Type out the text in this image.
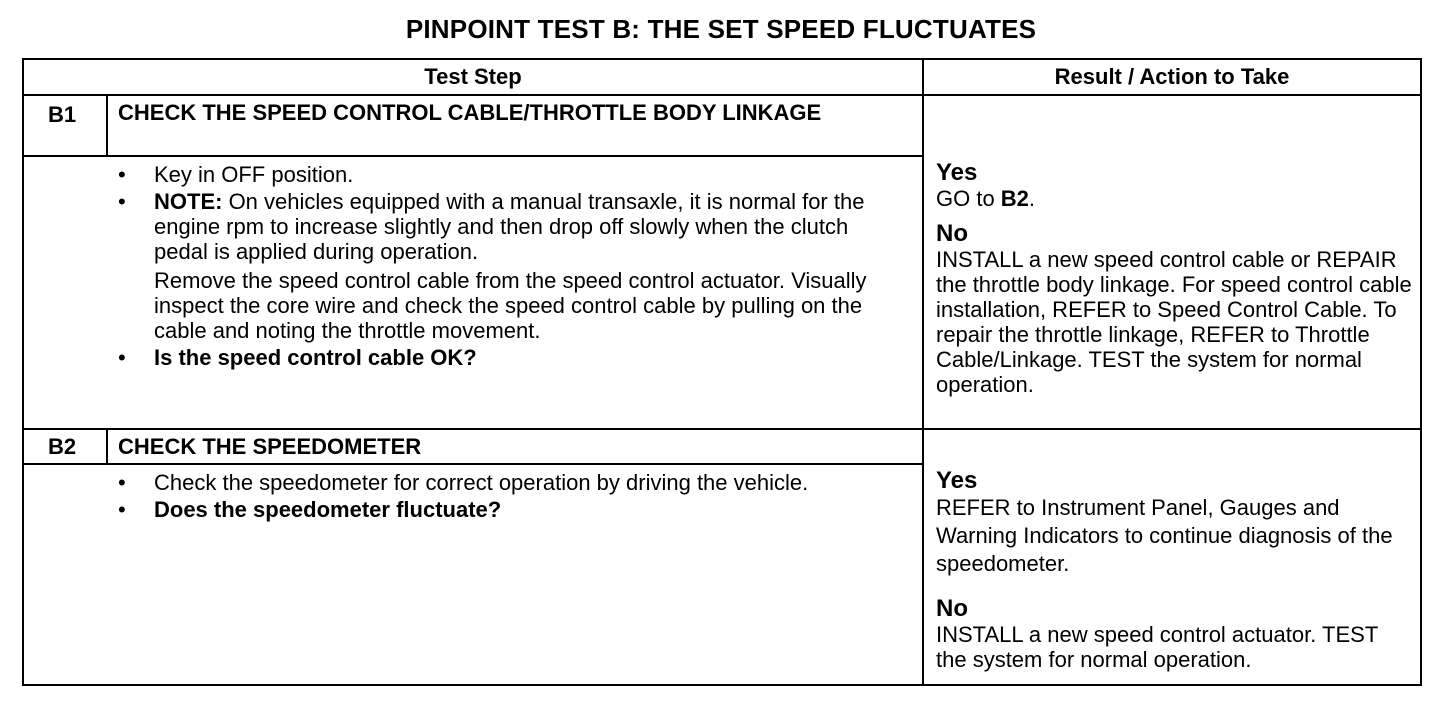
PINPOINT TEST B: THE SET SPEED FLUCTUATES
Test Step	Result / Action to Take
B1 CHECK THE SPEED CONTROL CABLE/THROTTLE BODY LINKAGE
• Key in OFF position.
• NOTE: On vehicles equipped with a manual transaxle, it is normal for the engine rpm to increase slightly and then drop off slowly when the clutch pedal is applied during operation.
Remove the speed control cable from the speed control actuator. Visually inspect the core wire and check the speed control cable by pulling on the cable and noting the throttle movement.
• Is the speed control cable OK?
Yes
GO to B2.
No
INSTALL a new speed control cable or REPAIR the throttle body linkage. For speed control cable installation, REFER to Speed Control Cable. To repair the throttle linkage, REFER to Throttle Cable/Linkage. TEST the system for normal operation.
B2 CHECK THE SPEEDOMETER
• Check the speedometer for correct operation by driving the vehicle.
• Does the speedometer fluctuate?
Yes
REFER to Instrument Panel, Gauges and Warning Indicators to continue diagnosis of the speedometer.
No
INSTALL a new speed control actuator. TEST the system for normal operation.
